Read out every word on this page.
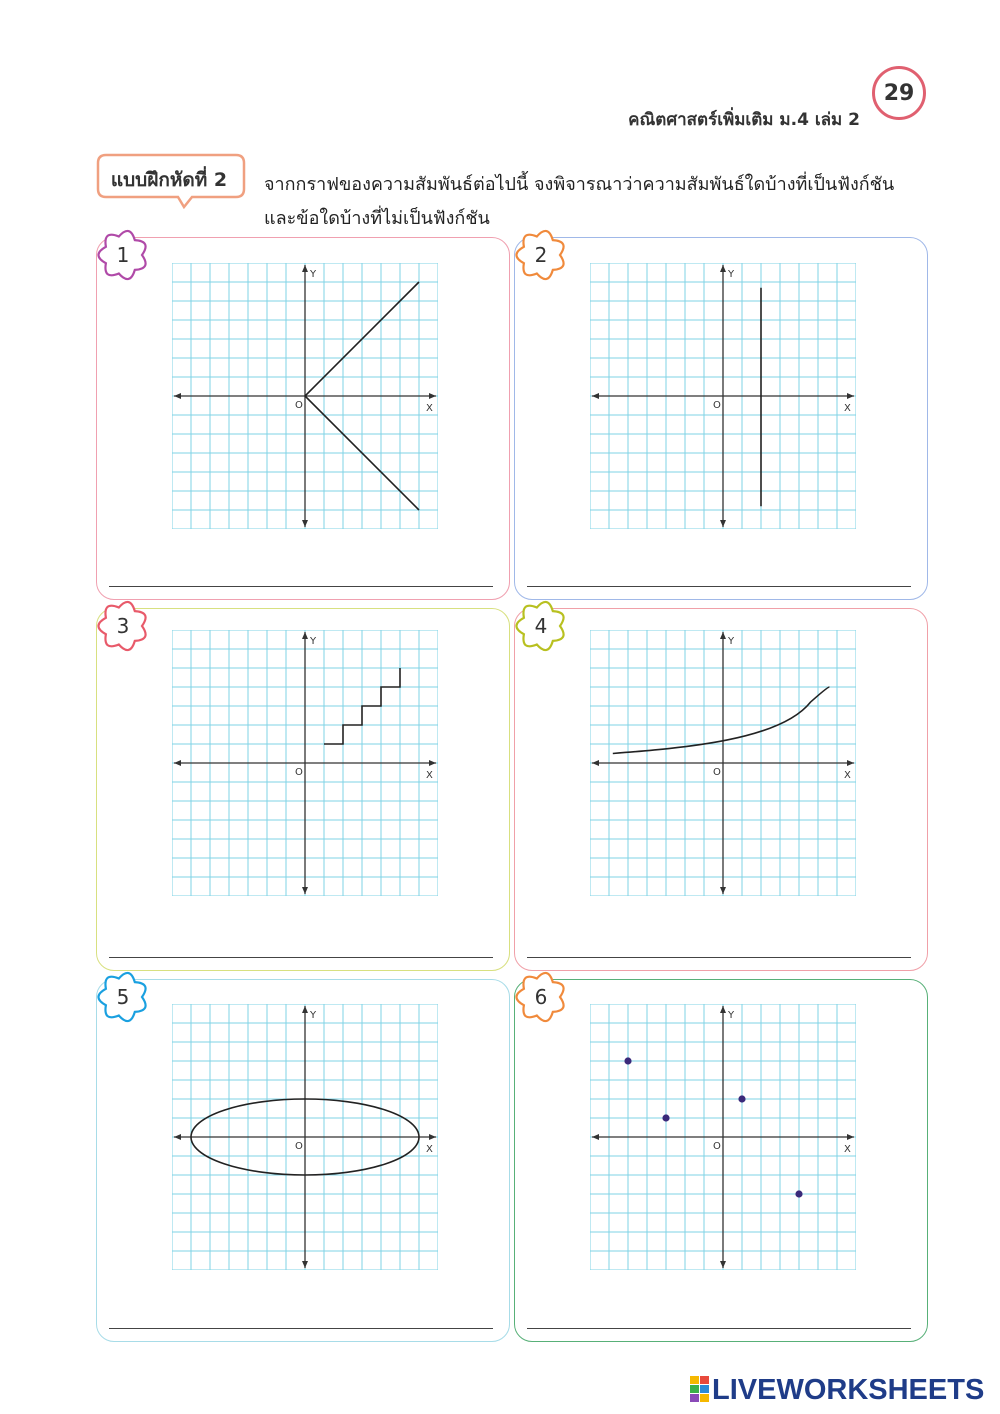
คณิตศาสตร์เพิ่มเติม ม.4 เล่ม 2
29
แบบฝึกหัดที่ 2	จากกราฟของความสัมพันธ์ต่อไปนี้ จงพิจารณาว่าความสัมพันธ์ใดบ้างที่เป็นฟังก์ชัน
และข้อใดบ้างที่ไม่เป็นฟังก์ชัน
1
X
Y
O
2
X
Y
O
3
X
Y
O
4
X
Y
O
5
X
Y
O
6
X
Y
O
LIVEWORKSHEETS
